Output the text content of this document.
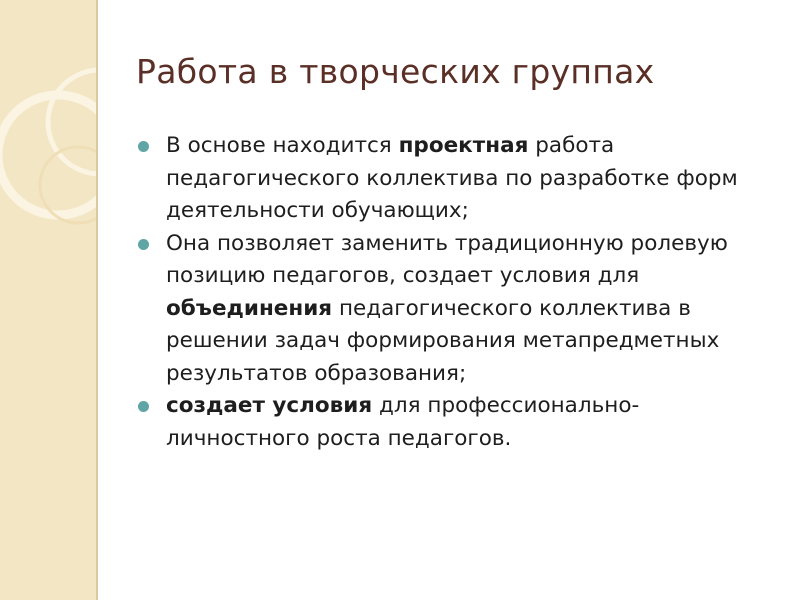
Работа в творческих группах
В основе находится проектная работа педагогического коллектива по разработке форм деятельности обучающих;
Она позволяет заменить традиционную ролевую позицию педагогов, создает условия для объединения педагогического коллектива в решении задач формирования метапредметных результатов образования;
создает условия для профессионально-личностного роста педагогов.
